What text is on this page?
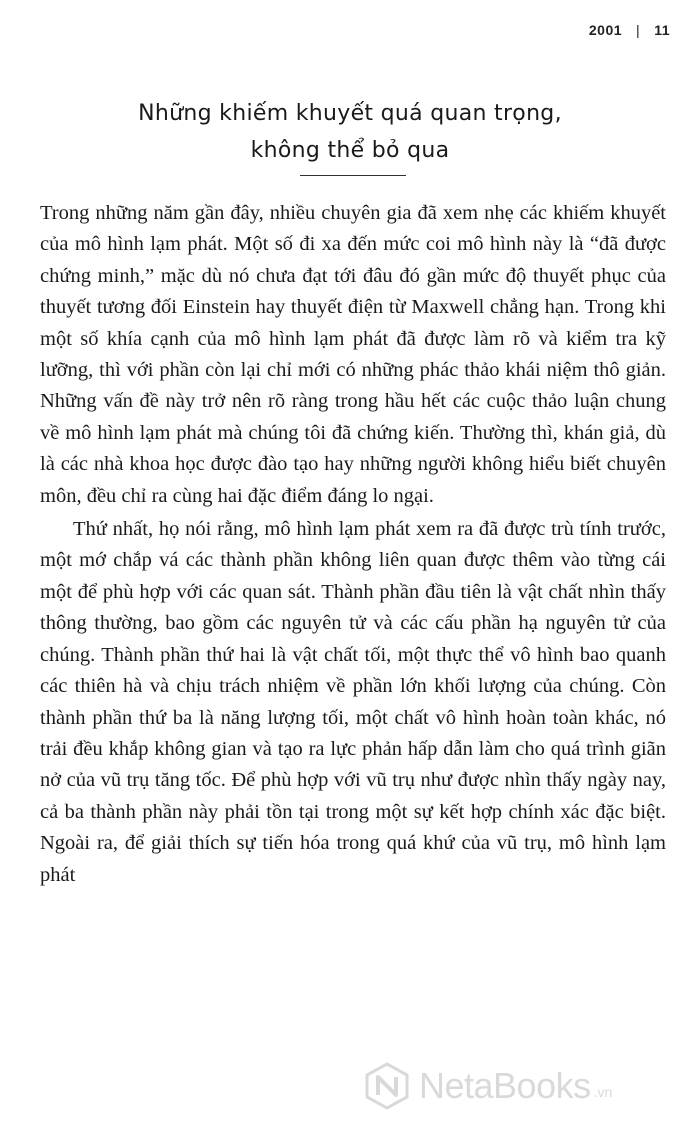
2001 | 11
Những khiếm khuyết quá quan trọng,
không thể bỏ qua

Trong những năm gần đây, nhiều chuyên gia đã xem nhẹ các khiếm khuyết của mô hình lạm phát. Một số đi xa đến mức coi mô hình này là “đã được chứng minh,” mặc dù nó chưa đạt tới đâu đó gần mức độ thuyết phục của thuyết tương đối Einstein hay thuyết điện từ Maxwell chẳng hạn. Trong khi một số khía cạnh của mô hình lạm phát đã được làm rõ và kiểm tra kỹ lưỡng, thì với phần còn lại chỉ mới có những phác thảo khái niệm thô giản. Những vấn đề này trở nên rõ ràng trong hầu hết các cuộc thảo luận chung về mô hình lạm phát mà chúng tôi đã chứng kiến. Thường thì, khán giả, dù là các nhà khoa học được đào tạo hay những người không hiểu biết chuyên môn, đều chỉ ra cùng hai đặc điểm đáng lo ngại.

Thứ nhất, họ nói rằng, mô hình lạm phát xem ra đã được trù tính trước, một mớ chắp vá các thành phần không liên quan được thêm vào từng cái một để phù hợp với các quan sát. Thành phần đầu tiên là vật chất nhìn thấy thông thường, bao gồm các nguyên tử và các cấu phần hạ nguyên tử của chúng. Thành phần thứ hai là vật chất tối, một thực thể vô hình bao quanh các thiên hà và chịu trách nhiệm về phần lớn khối lượng của chúng. Còn thành phần thứ ba là năng lượng tối, một chất vô hình hoàn toàn khác, nó trải đều khắp không gian và tạo ra lực phản hấp dẫn làm cho quá trình giãn nở của vũ trụ tăng tốc. Để phù hợp với vũ trụ như được nhìn thấy ngày nay, cả ba thành phần này phải tồn tại trong một sự kết hợp chính xác đặc biệt. Ngoài ra, để giải thích sự tiến hóa trong quá khứ của vũ trụ, mô hình lạm phát

NetaBooks .vn
